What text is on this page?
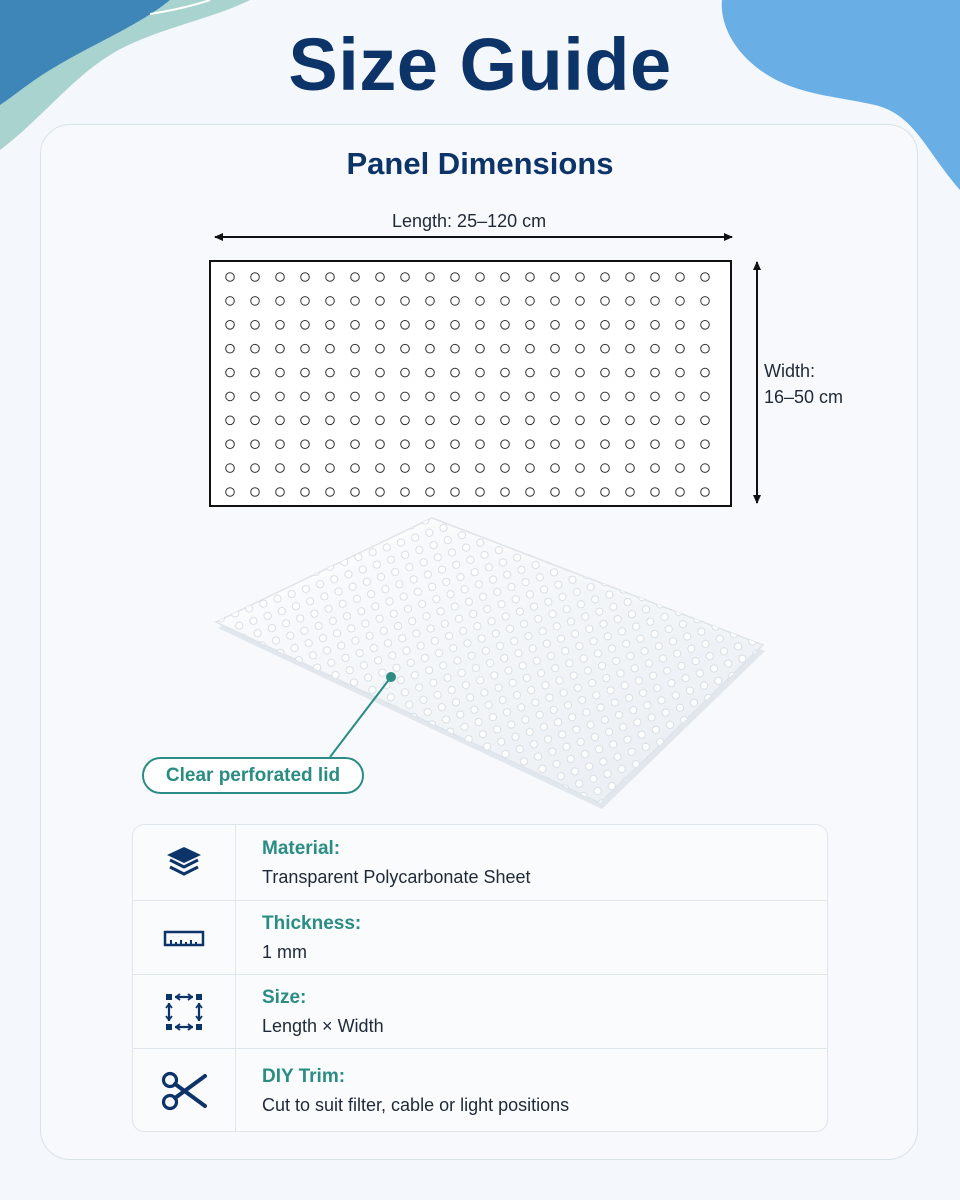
Size Guide
Panel Dimensions
Length: 25–120 cm
Width:
16–50 cm
Clear perforated lid
Material:
Transparent Polycarbonate Sheet
Thickness:
1 mm
Size:
Length × Width
DIY Trim:
Cut to suit filter, cable or light positions
